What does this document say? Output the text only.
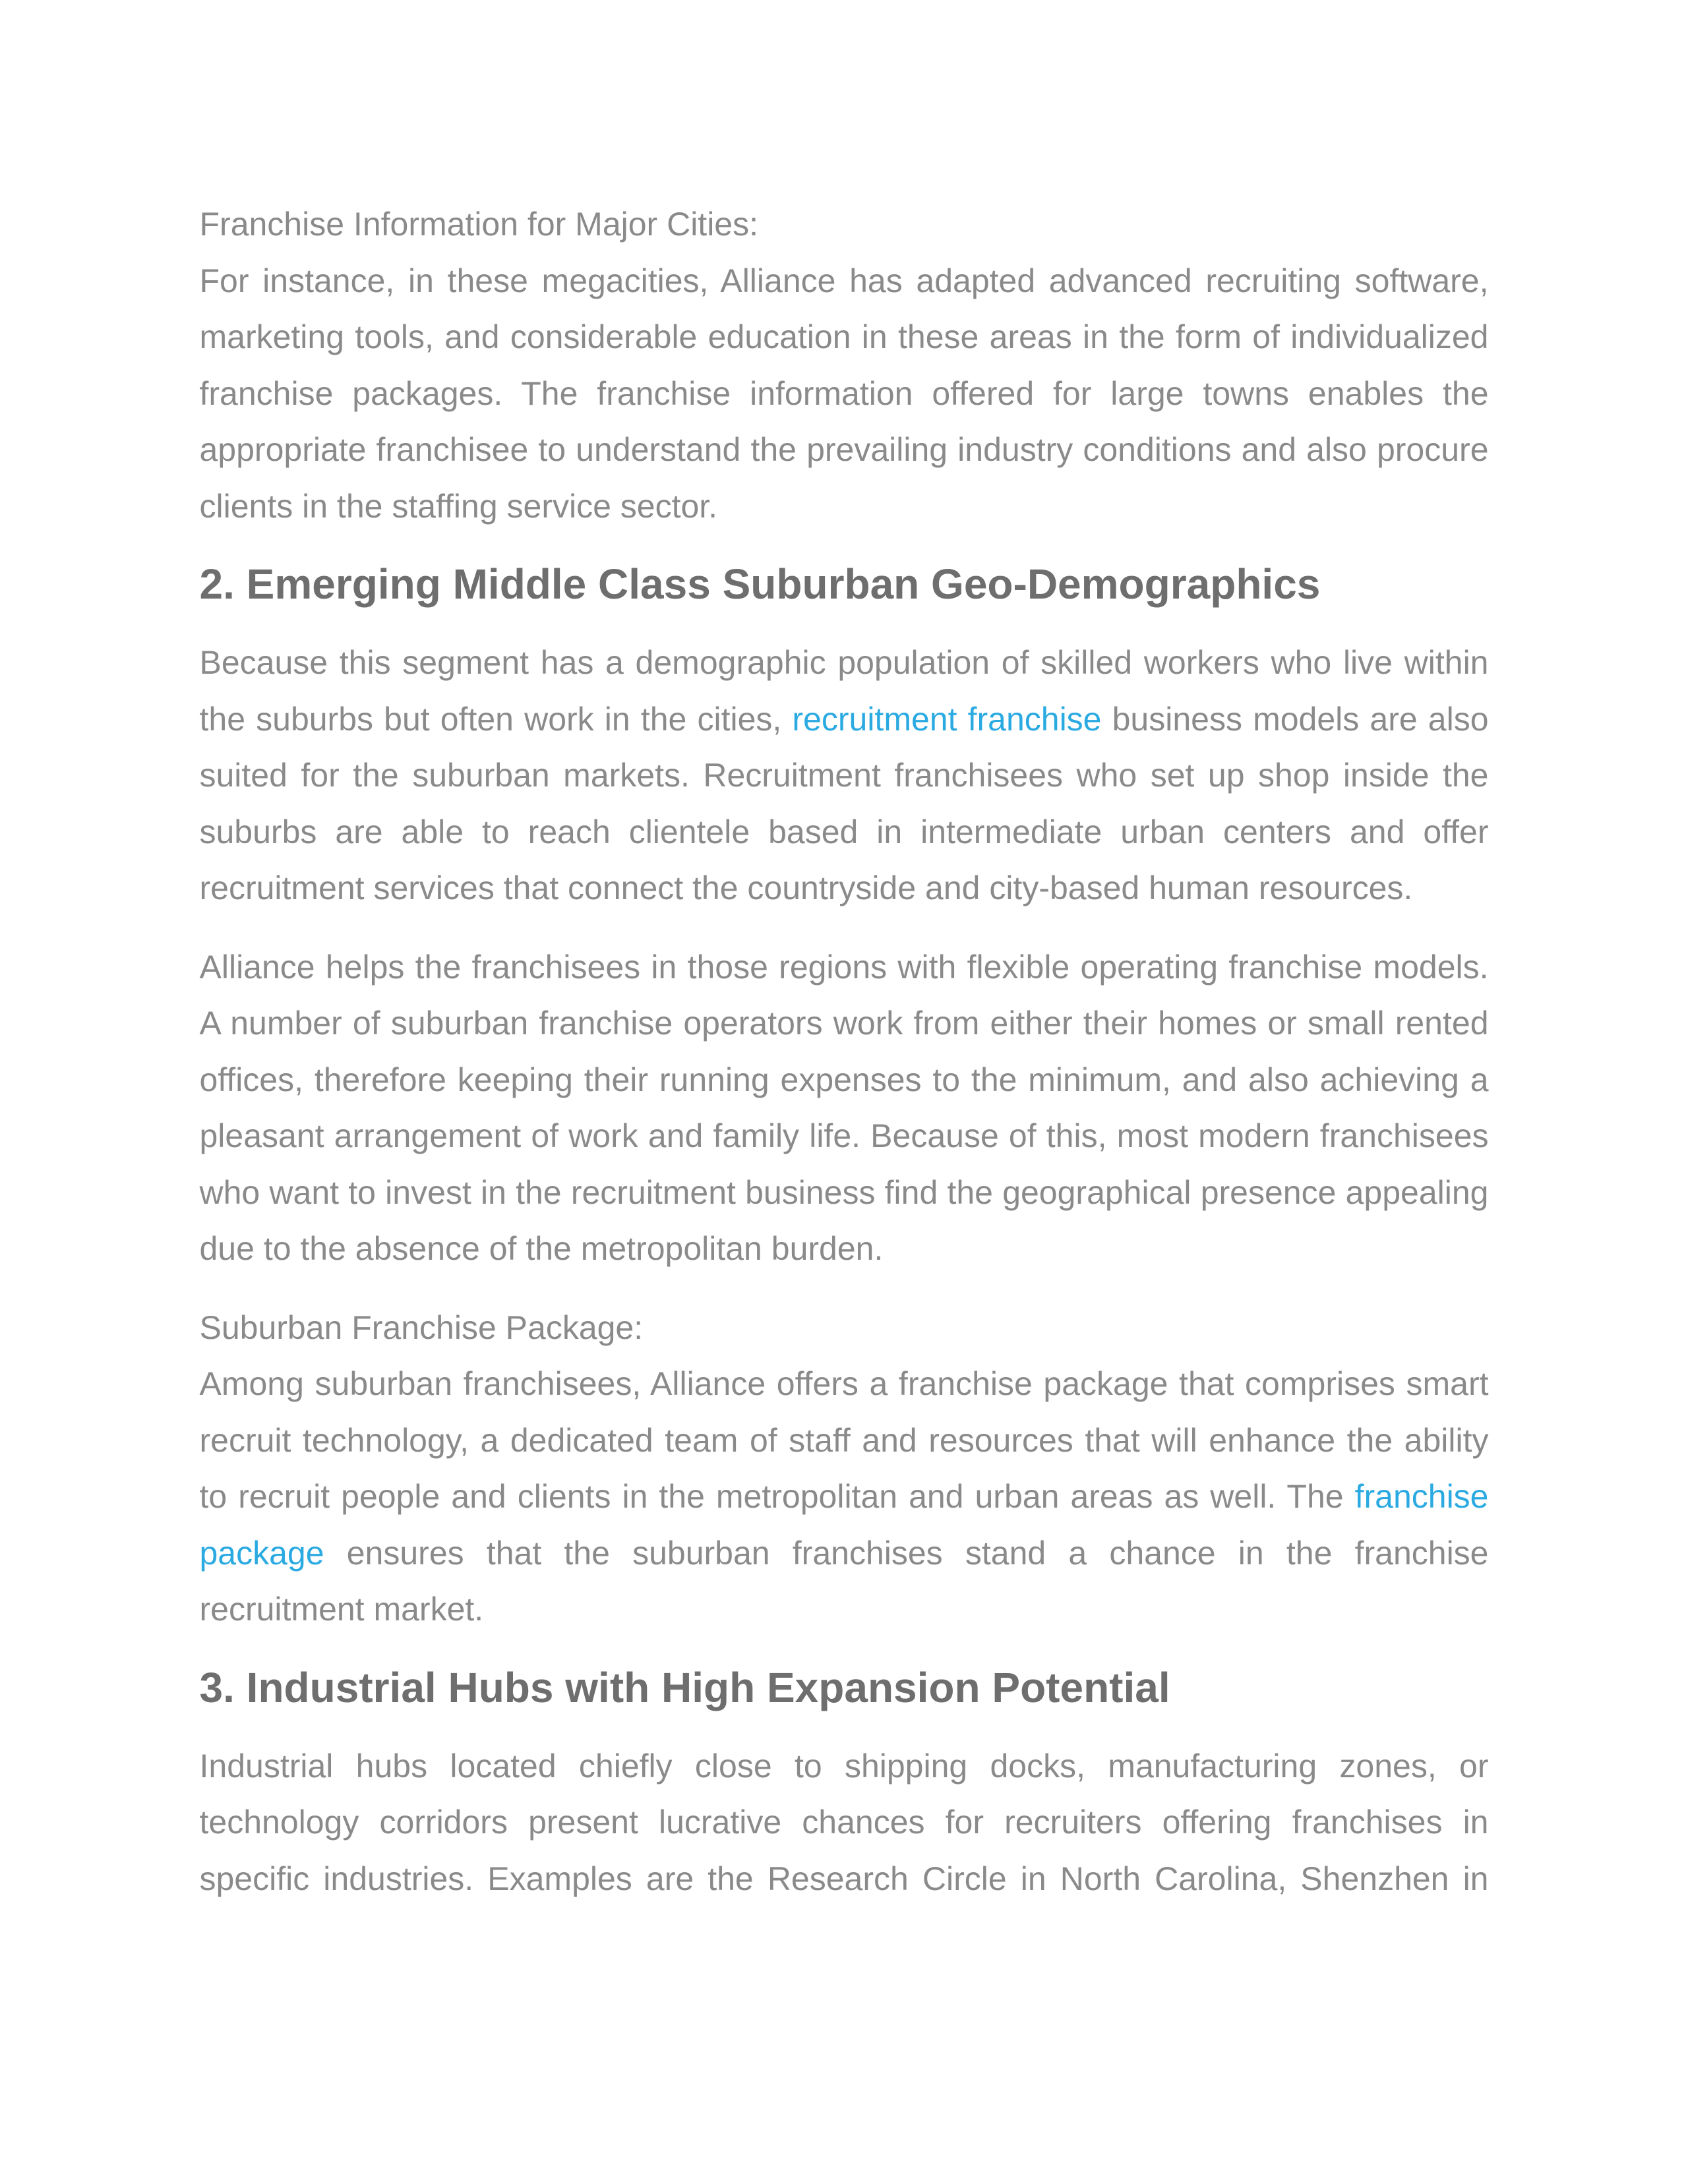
Franchise Information for Major Cities:
For instance, in these megacities, Alliance has adapted advanced recruiting software, marketing tools, and considerable education in these areas in the form of individualized franchise packages. The franchise information offered for large towns enables the appropriate franchisee to understand the prevailing industry conditions and also procure clients in the staffing service sector.

2. Emerging Middle Class Suburban Geo-Demographics

Because this segment has a demographic population of skilled workers who live within the suburbs but often work in the cities, recruitment franchise business models are also suited for the suburban markets. Recruitment franchisees who set up shop inside the suburbs are able to reach clientele based in intermediate urban centers and offer recruitment services that connect the countryside and city-based human resources.

Alliance helps the franchisees in those regions with flexible operating franchise models. A number of suburban franchise operators work from either their homes or small rented offices, therefore keeping their running expenses to the minimum, and also achieving a pleasant arrangement of work and family life. Because of this, most modern franchisees who want to invest in the recruitment business find the geographical presence appealing due to the absence of the metropolitan burden.

Suburban Franchise Package:
Among suburban franchisees, Alliance offers a franchise package that comprises smart recruit technology, a dedicated team of staff and resources that will enhance the ability to recruit people and clients in the metropolitan and urban areas as well. The franchise package ensures that the suburban franchises stand a chance in the franchise recruitment market.

3. Industrial Hubs with High Expansion Potential

Industrial hubs located chiefly close to shipping docks, manufacturing zones, or technology corridors present lucrative chances for recruiters offering franchises in specific industries. Examples are the Research Circle in North Carolina, Shenzhen in
